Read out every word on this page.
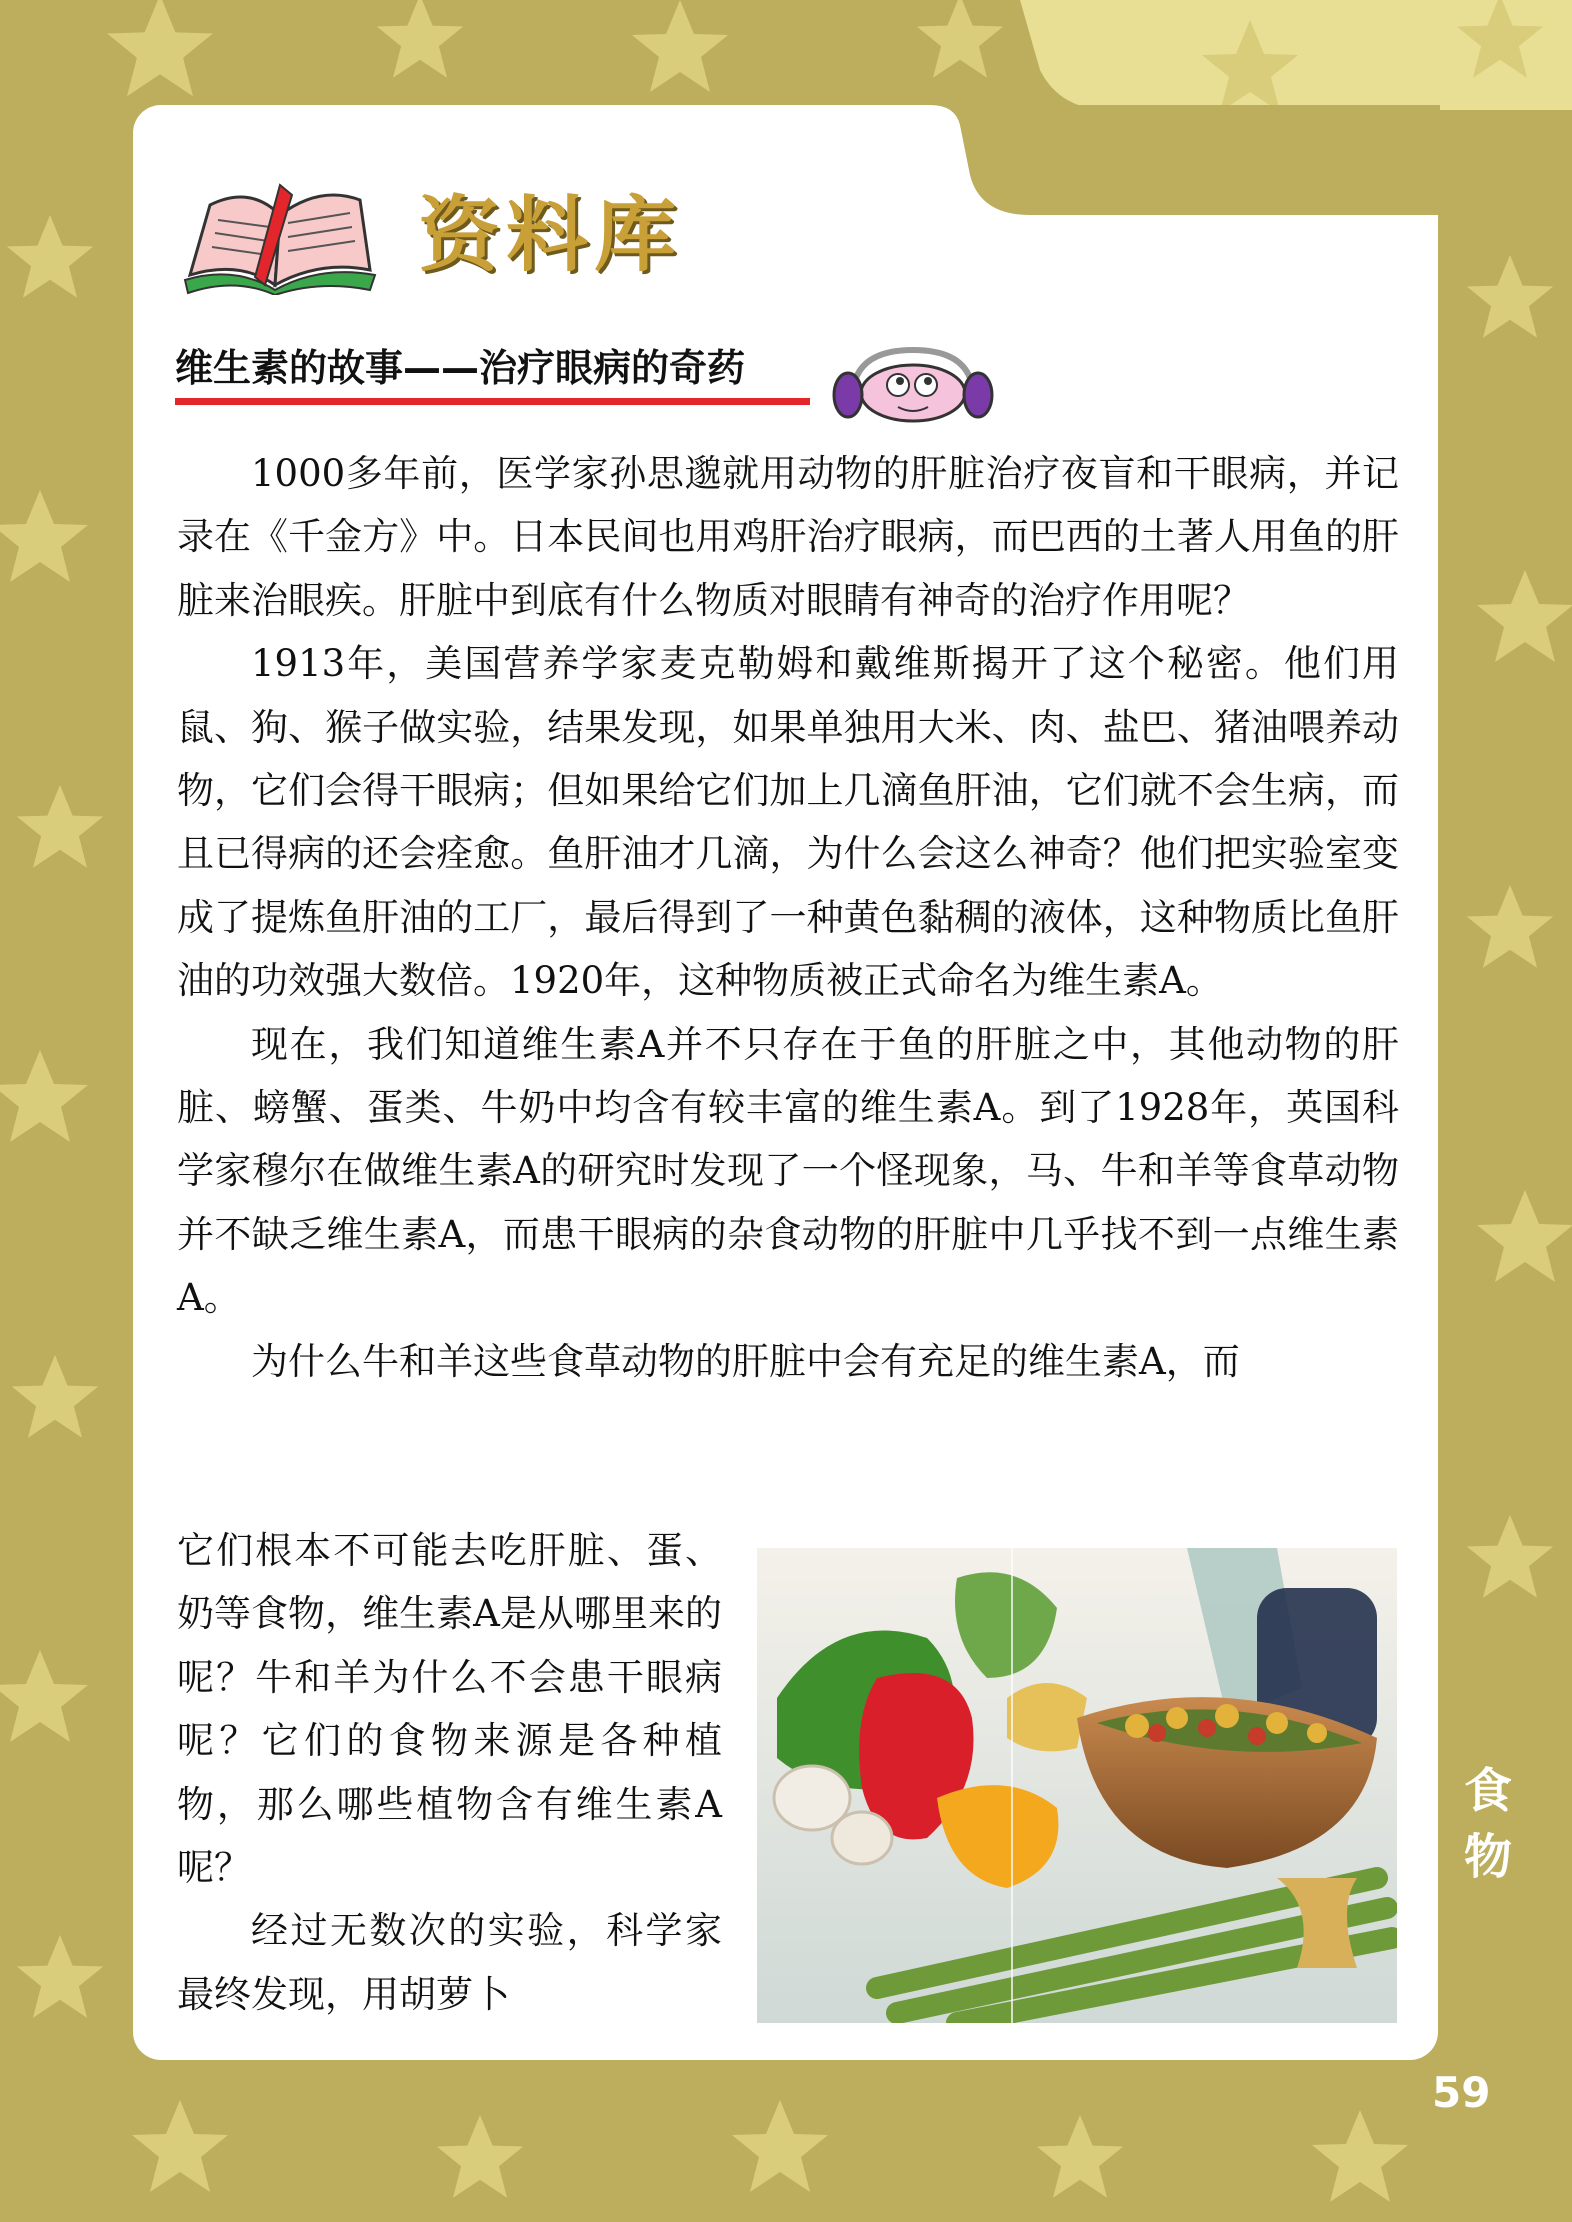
资料库
维生素的故事——治疗眼病的奇药

1000多年前，医学家孙思邈就用动物的肝脏治疗夜盲和干眼病，并记录在《千金方》中。日本民间也用鸡肝治疗眼病，而巴西的土著人用鱼的肝脏来治眼疾。肝脏中到底有什么物质对眼睛有神奇的治疗作用呢？

1913年，美国营养学家麦克勒姆和戴维斯揭开了这个秘密。他们用鼠、狗、猴子做实验，结果发现，如果单独用大米、肉、盐巴、猪油喂养动物，它们会得干眼病；但如果给它们加上几滴鱼肝油，它们就不会生病，而且已得病的还会痊愈。鱼肝油才几滴，为什么会这么神奇？他们把实验室变成了提炼鱼肝油的工厂，最后得到了一种黄色黏稠的液体，这种物质比鱼肝油的功效强大数倍。1920年，这种物质被正式命名为维生素A。

现在，我们知道维生素A并不只存在于鱼的肝脏之中，其他动物的肝脏、螃蟹、蛋类、牛奶中均含有较丰富的维生素A。到了1928年，英国科学家穆尔在做维生素A的研究时发现了一个怪现象，马、牛和羊等食草动物并不缺乏维生素A，而患干眼病的杂食动物的肝脏中几乎找不到一点维生素A。

为什么牛和羊这些食草动物的肝脏中会有充足的维生素A，而

它们根本不可能去吃肝脏、蛋、奶等食物，维生素A是从哪里来的呢？牛和羊为什么不会患干眼病呢？它们的食物来源是各种植物，那么哪些植物含有维生素A呢？

经过无数次的实验，科学家最终发现，用胡萝卜

食
物
59
